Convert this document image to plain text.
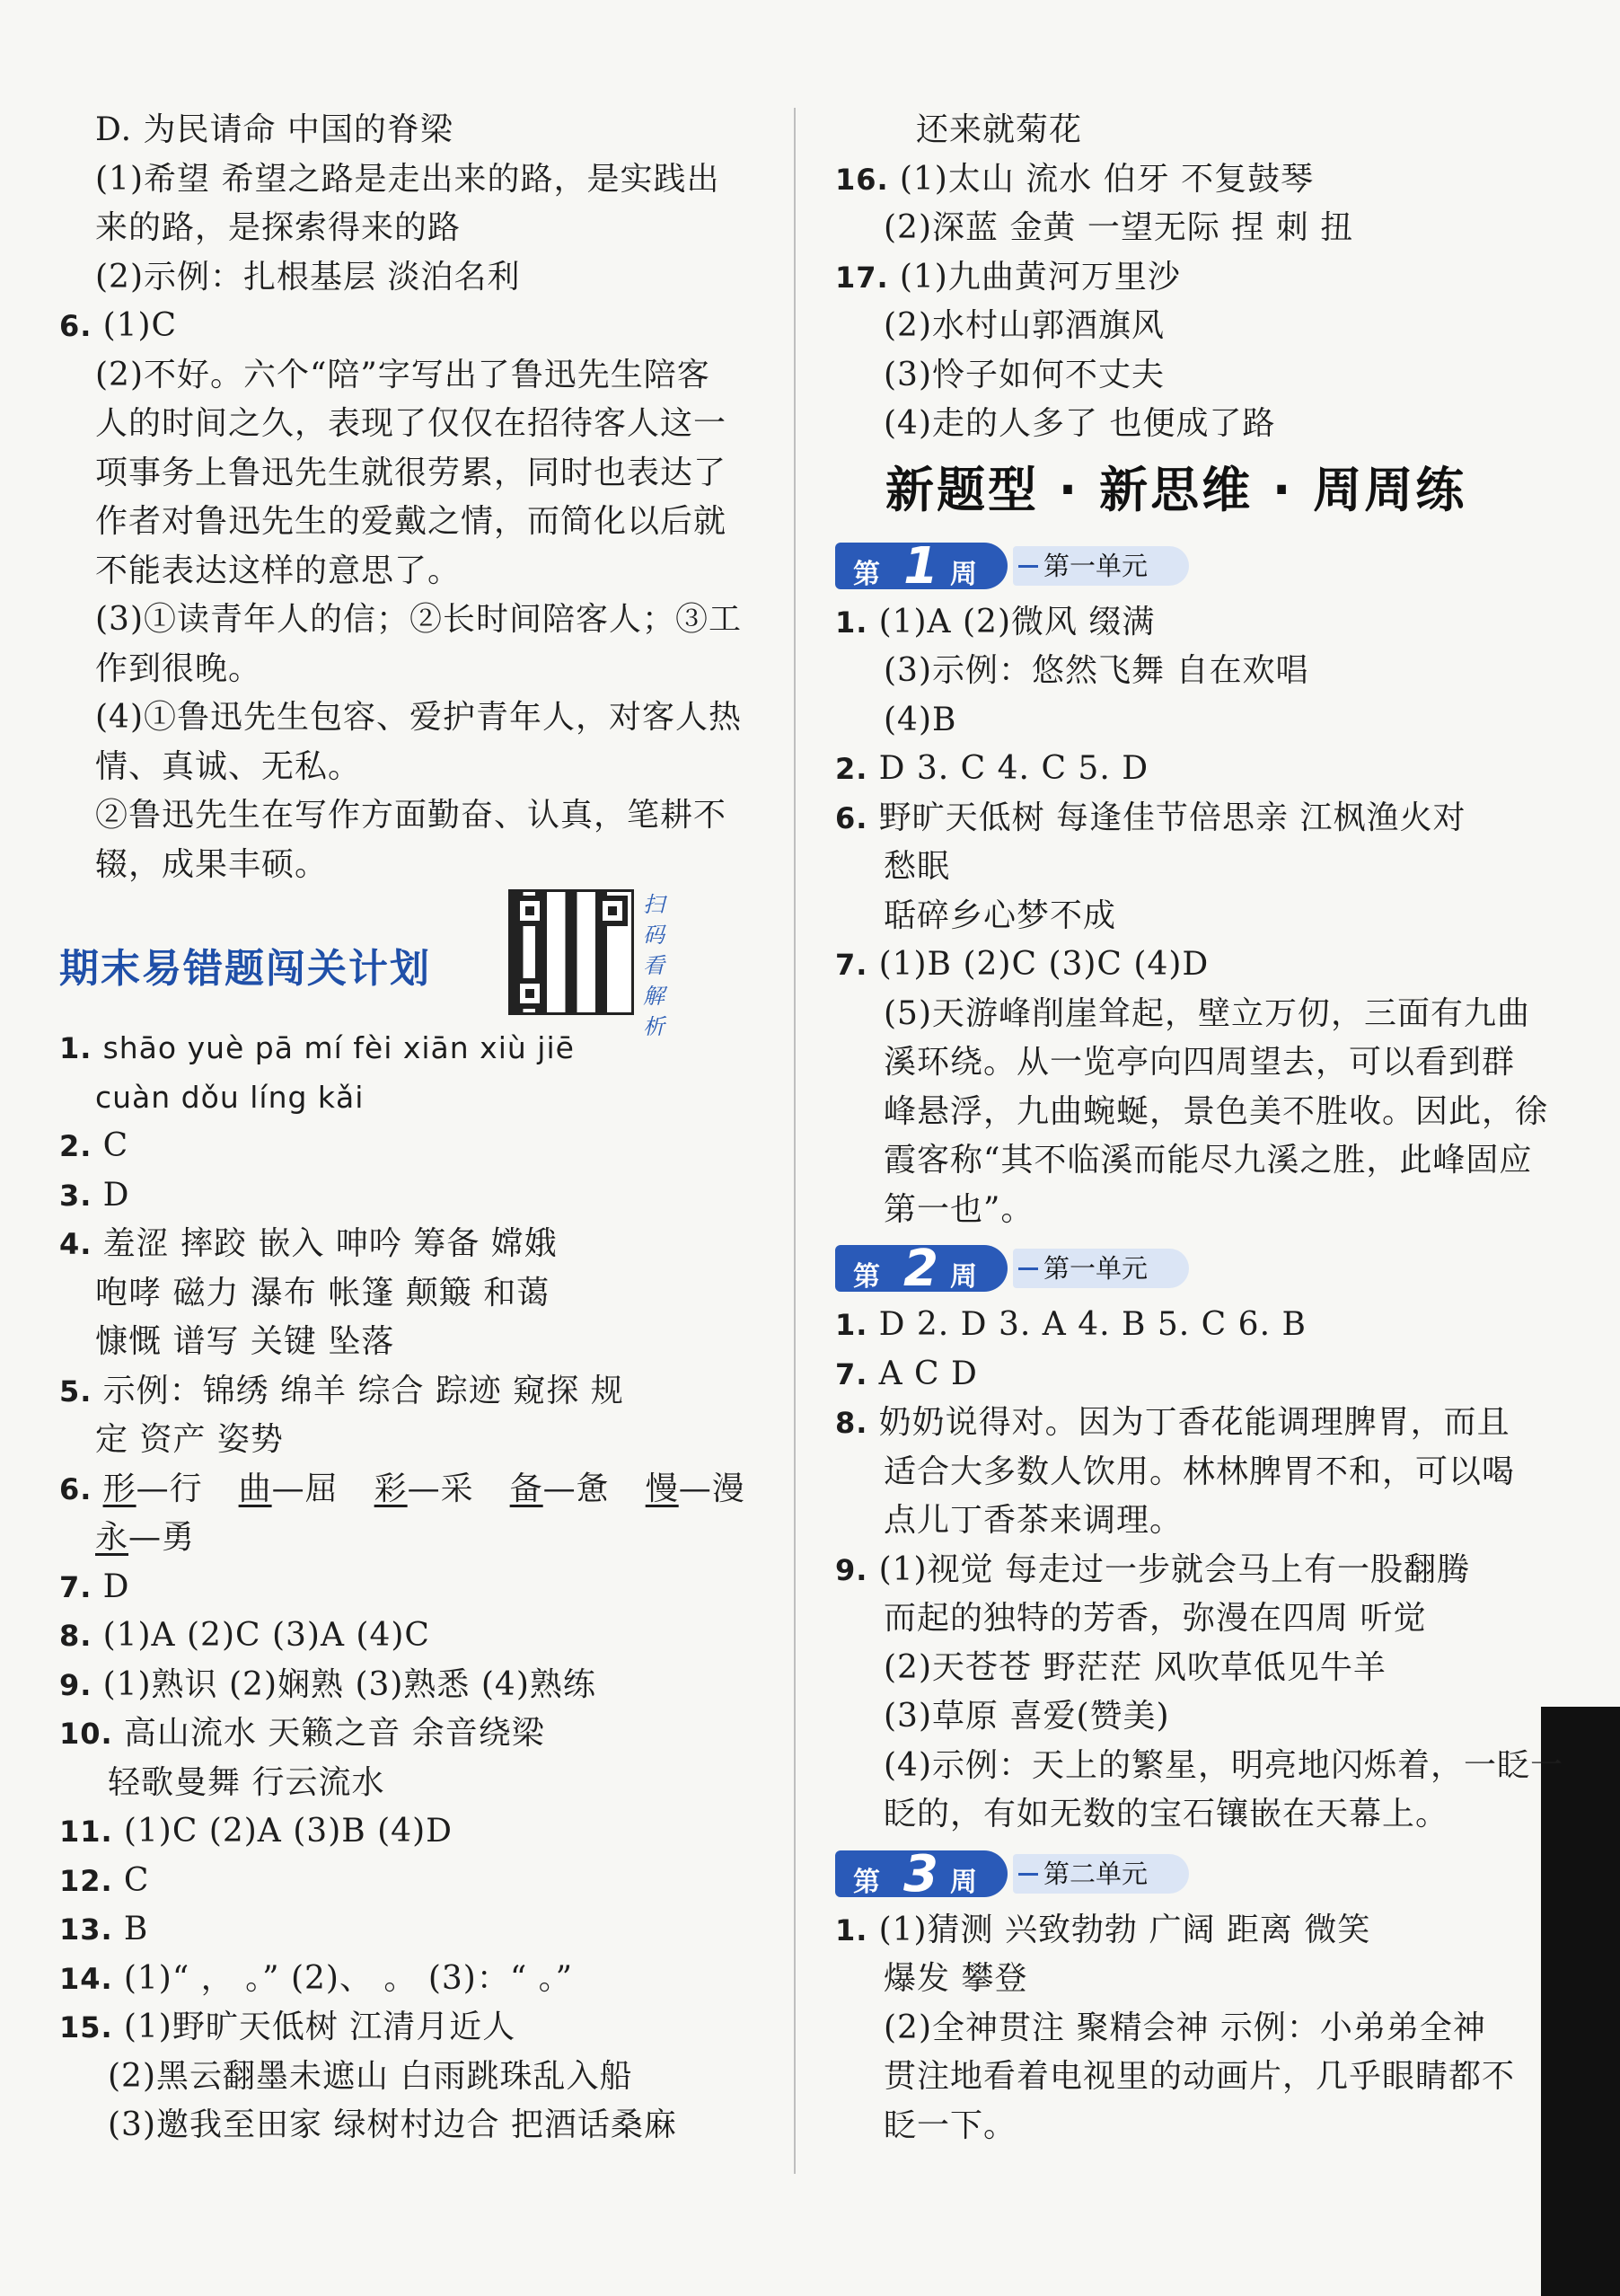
D. 为民请命 中国的脊梁
(1)希望 希望之路是走出来的路，是实践出
来的路，是探索得来的路
(2)示例：扎根基层 淡泊名利
6. (1)C
(2)不好。六个“陪”字写出了鲁迅先生陪客
人的时间之久，表现了仅仅在招待客人这一
项事务上鲁迅先生就很劳累，同时也表达了
作者对鲁迅先生的爱戴之情，而简化以后就
不能表达这样的意思了。
(3)①读青年人的信；②长时间陪客人；③工
作到很晚。
(4)①鲁迅先生包容、爱护青年人，对客人热
情、真诚、无私。
②鲁迅先生在写作方面勤奋、认真，笔耕不
辍，成果丰硕。
期末易错题闯关计划
扫
码
看
解
析
1. shāo yuè pā mí fèi xiān xiù jiē
cuàn dǒu líng kǎi
2. C
3. D
4. 羞涩 摔跤 嵌入 呻吟 筹备 嫦娥
咆哮 磁力 瀑布 帐篷 颠簸 和蔼
慷慨 谱写 关键 坠落
5. 示例：锦绣 绵羊 综合 踪迹 窥探 规
定 资产 姿势
6. 形—行 曲—屈 彩—采 备—惫 慢—漫
永—勇
7. D
8. (1)A (2)C (3)A (4)C
9. (1)熟识 (2)娴熟 (3)熟悉 (4)熟练
10. 高山流水 天籁之音 余音绕梁
轻歌曼舞 行云流水
11. (1)C (2)A (3)B (4)D
12. C
13. B
14. (1)“ ， 。” (2)、 。 (3)：“ 。”
15. (1)野旷天低树 江清月近人
(2)黑云翻墨未遮山 白雨跳珠乱入船
(3)邀我至田家 绿树村边合 把酒话桑麻
还来就菊花
16. (1)太山 流水 伯牙 不复鼓琴
(2)深蓝 金黄 一望无际 捏 刺 扭
17. (1)九曲黄河万里沙
(2)水村山郭酒旗风
(3)怜子如何不丈夫
(4)走的人多了 也便成了路
新题型 · 新思维 · 周周练
第 1 周	第一单元
1. (1)A (2)微风 缀满
(3)示例：悠然飞舞 自在欢唱
(4)B
2. D 3. C 4. C 5. D
6. 野旷天低树 每逢佳节倍思亲 江枫渔火对
愁眠
聒碎乡心梦不成
7. (1)B (2)C (3)C (4)D
(5)天游峰削崖耸起，壁立万仞，三面有九曲
溪环绕。从一览亭向四周望去，可以看到群
峰悬浮，九曲蜿蜒，景色美不胜收。因此，徐
霞客称“其不临溪而能尽九溪之胜，此峰固应
第一也”。
第 2 周	第一单元
1. D 2. D 3. A 4. B 5. C 6. B
7. A C D
8. 奶奶说得对。因为丁香花能调理脾胃，而且
适合大多数人饮用。林林脾胃不和，可以喝
点儿丁香茶来调理。
9. (1)视觉 每走过一步就会马上有一股翻腾
而起的独特的芳香，弥漫在四周 听觉
(2)天苍苍 野茫茫 风吹草低见牛羊
(3)草原 喜爱(赞美)
(4)示例：天上的繁星，明亮地闪烁着，一眨一
眨的，有如无数的宝石镶嵌在天幕上。
第 3 周	第二单元
1. (1)猜测 兴致勃勃 广阔 距离 微笑
爆发 攀登
(2)全神贯注 聚精会神 示例：小弟弟全神
贯注地看着电视里的动画片，几乎眼睛都不
眨一下。
